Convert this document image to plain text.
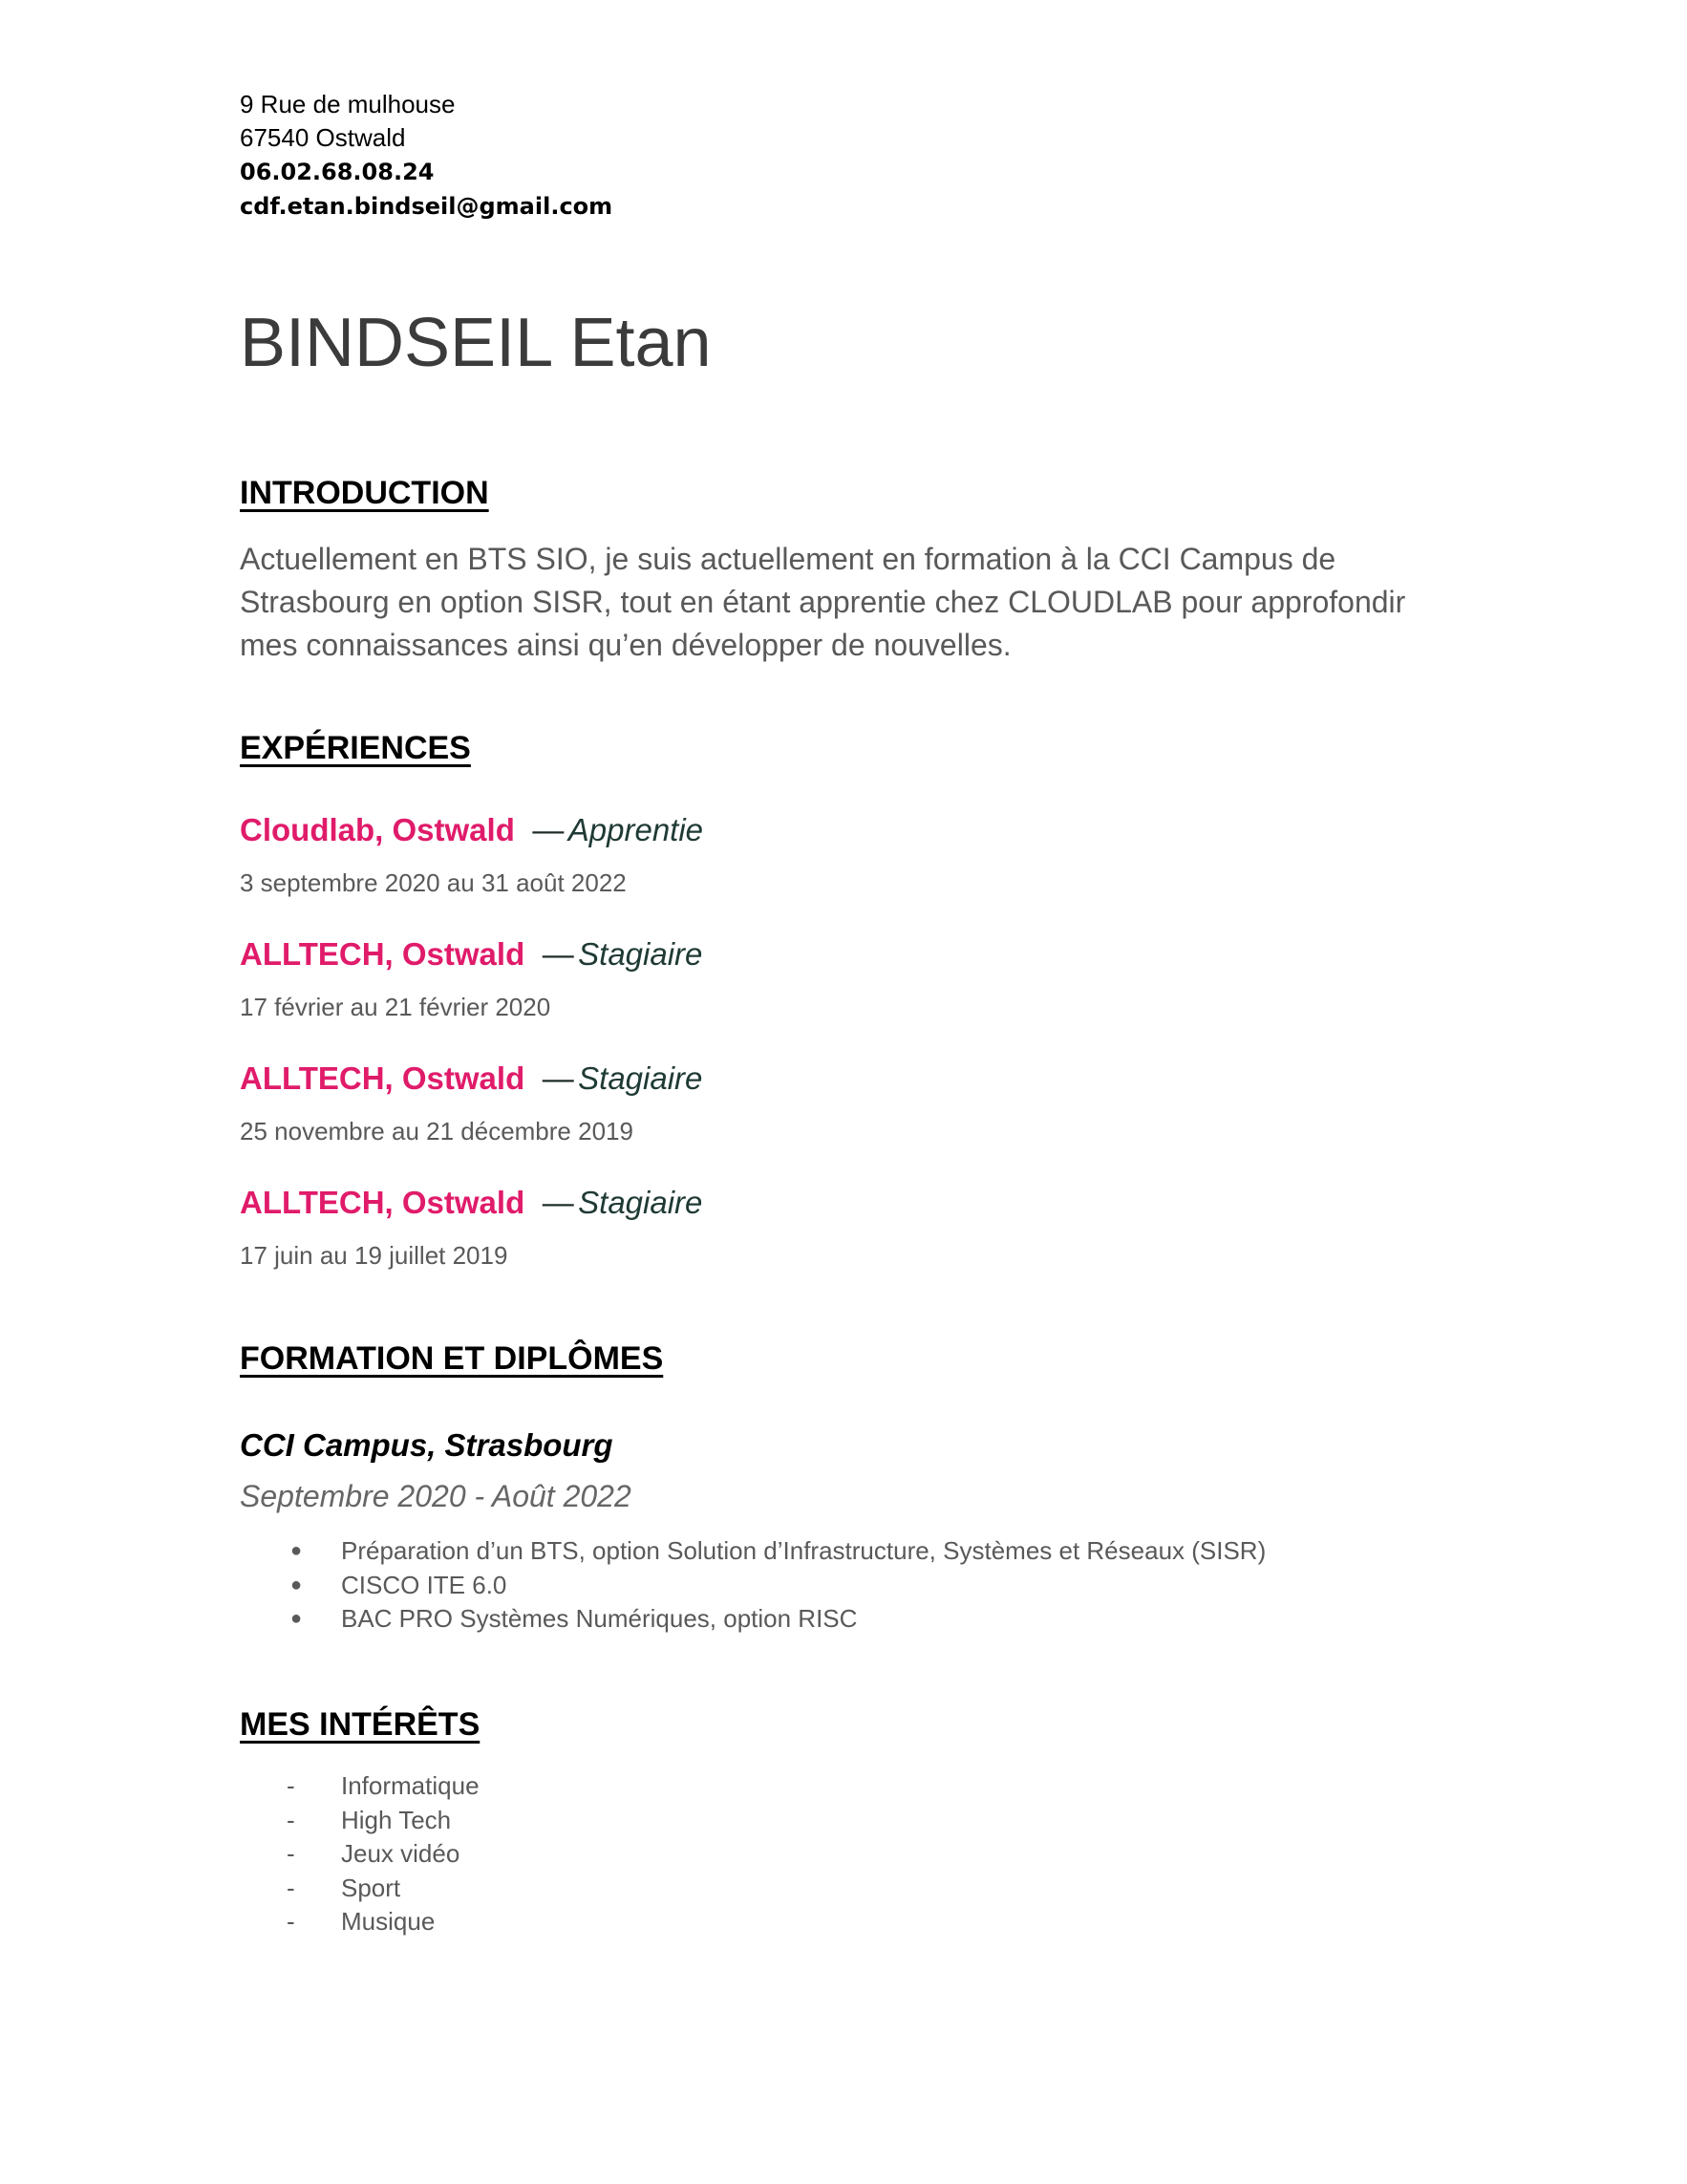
9 Rue de mulhouse
67540 Ostwald
06.02.68.08.24
cdf.etan.bindseil@gmail.com
BINDSEIL Etan
INTRODUCTION
Actuellement en BTS SIO, je suis actuellement en formation à la CCI Campus de Strasbourg en option SISR, tout en étant apprentie chez CLOUDLAB pour approfondir mes connaissances ainsi qu’en développer de nouvelles.
EXPÉRIENCES
Cloudlab, Ostwald — Apprentie
3 septembre 2020 au 31 août 2022
ALLTECH, Ostwald — Stagiaire
17 février au 21 février 2020
ALLTECH, Ostwald — Stagiaire
25 novembre au 21 décembre 2019
ALLTECH, Ostwald — Stagiaire
17 juin au 19 juillet 2019
FORMATION ET DIPLÔMES
CCI Campus, Strasbourg
Septembre 2020 - Août 2022
● Préparation d’un BTS, option Solution d’Infrastructure, Systèmes et Réseaux (SISR)
● CISCO ITE 6.0
● BAC PRO Systèmes Numériques, option RISC
MES INTÉRÊTS
- Informatique
- High Tech
- Jeux vidéo
- Sport
- Musique
